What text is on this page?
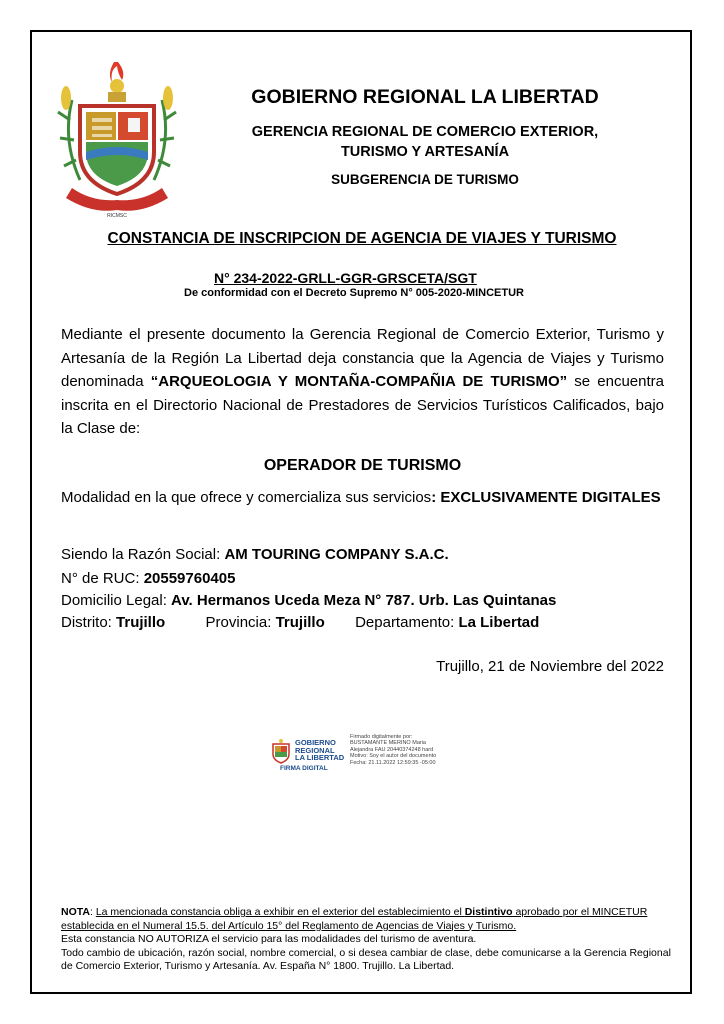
RICMSC
GOBIERNO REGIONAL LA LIBERTAD
GERENCIA REGIONAL DE COMERCIO EXTERIOR,
TURISMO Y ARTESANÍA
SUBGERENCIA DE TURISMO
CONSTANCIA DE INSCRIPCION DE AGENCIA DE VIAJES Y TURISMO
N° 234-2022-GRLL-GGR-GRSCETA/SGT
De conformidad con el Decreto Supremo N° 005-2020-MINCETUR
Mediante el presente documento la Gerencia Regional de Comercio Exterior, Turismo y Artesanía de la Región La Libertad deja constancia que la Agencia de Viajes y Turismo denominada “ARQUEOLOGIA Y MONTAÑA-COMPAÑIA DE TURISMO” se encuentra inscrita en el Directorio Nacional de Prestadores de Servicios Turísticos Calificados, bajo la Clase de:
OPERADOR DE TURISMO
Modalidad en la que ofrece y comercializa sus servicios: EXCLUSIVAMENTE DIGITALES
Siendo la Razón Social: AM TOURING COMPANY S.A.C.
N° de RUC: 20559760405
Domicilio Legal: Av. Hermanos Uceda Meza N° 787. Urb. Las Quintanas
Distrito: Trujillo	Provincia: Trujillo Departamento: La Libertad
Trujillo, 21 de Noviembre del 2022
GOBIERNO
REGIONAL
LA LIBERTAD
FIRMA DIGITAL
Firmado digitalmente por:
BUSTAMANTE MERINO Maria
Alejandra FAU 20440374248 hard
Motivo: Soy el autor del documento
Fecha: 21.11.2022 12:59:35 -05:00
NOTA: La mencionada constancia obliga a exhibir en el exterior del establecimiento el Distintivo aprobado por el MINCETUR establecida en el Numeral 15.5. del Artículo 15° del Reglamento de Agencias de Viajes y Turismo.
Esta constancia NO AUTORIZA el servicio para las modalidades del turismo de aventura.
Todo cambio de ubicación, razón social, nombre comercial, o si desea cambiar de clase, debe comunicarse a la Gerencia Regional de Comercio Exterior, Turismo y Artesanía. Av. España N° 1800. Trujillo. La Libertad.
